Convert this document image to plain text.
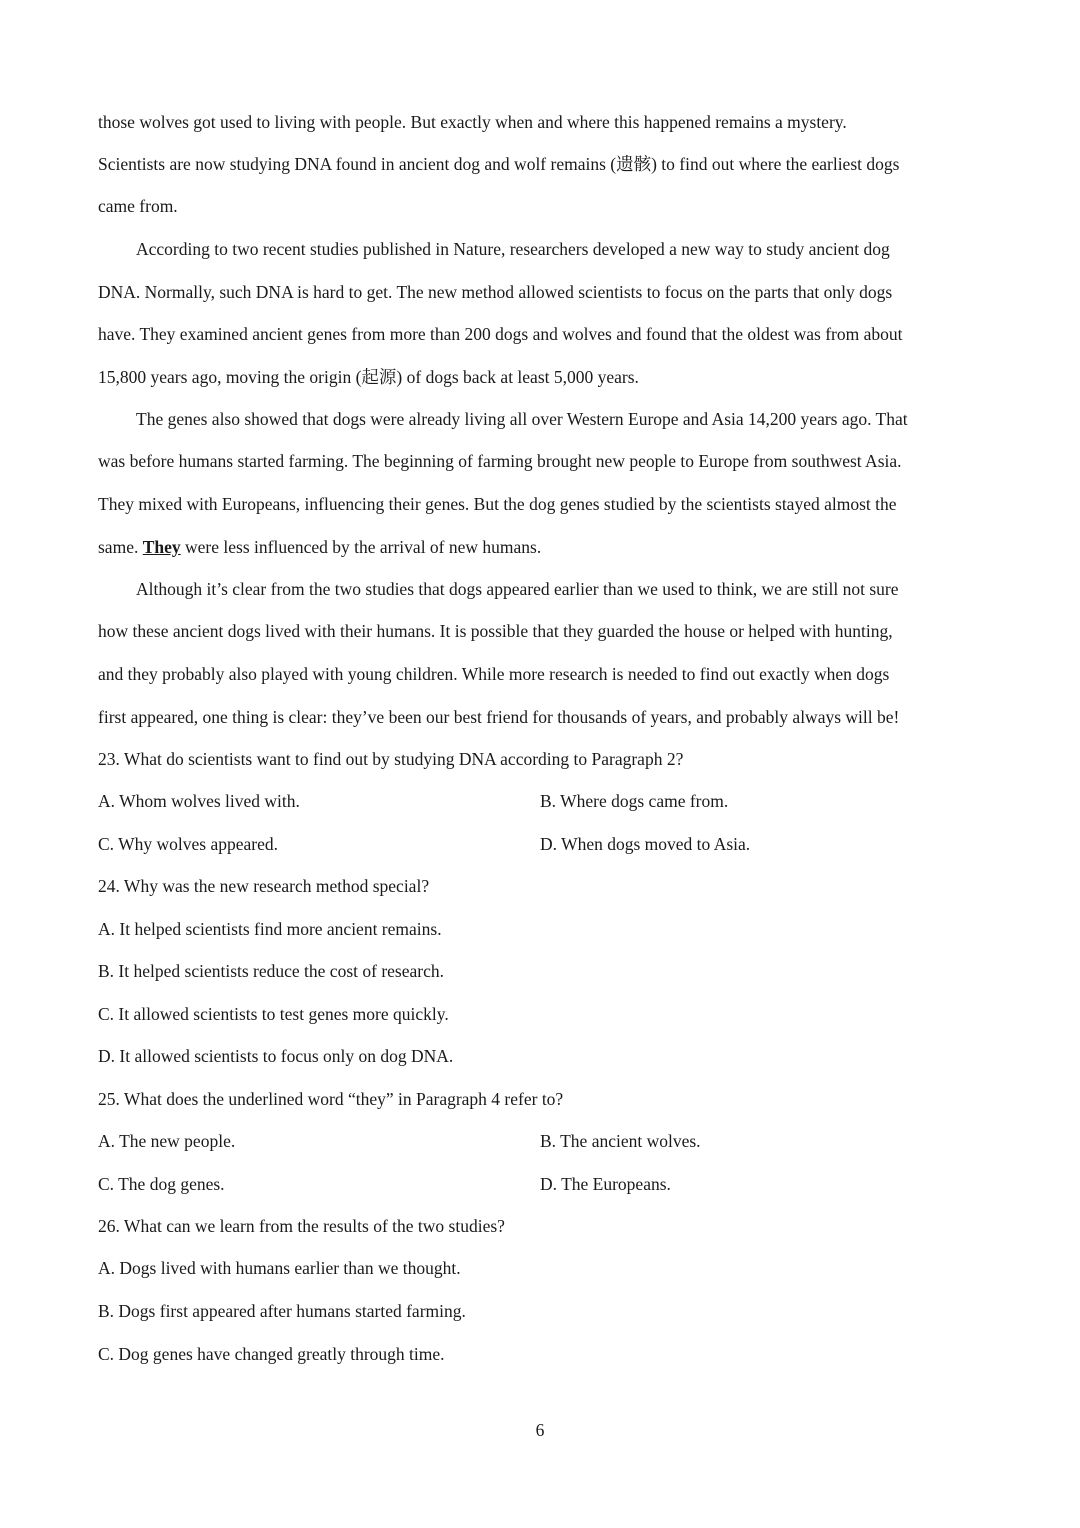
those wolves got used to living with people. But exactly when and where this happened remains a mystery.
Scientists are now studying DNA found in ancient dog and wolf remains (遗骸) to find out where the earliest dogs
came from.
According to two recent studies published in Nature, researchers developed a new way to study ancient dog
DNA. Normally, such DNA is hard to get. The new method allowed scientists to focus on the parts that only dogs
have. They examined ancient genes from more than 200 dogs and wolves and found that the oldest was from about
15,800 years ago, moving the origin (起源) of dogs back at least 5,000 years.
The genes also showed that dogs were already living all over Western Europe and Asia 14,200 years ago. That
was before humans started farming. The beginning of farming brought new people to Europe from southwest Asia.
They mixed with Europeans, influencing their genes. But the dog genes studied by the scientists stayed almost the
same. They were less influenced by the arrival of new humans.
Although it’s clear from the two studies that dogs appeared earlier than we used to think, we are still not sure
how these ancient dogs lived with their humans. It is possible that they guarded the house or helped with hunting,
and they probably also played with young children. While more research is needed to find out exactly when dogs
first appeared, one thing is clear: they’ve been our best friend for thousands of years, and probably always will be!
23. What do scientists want to find out by studying DNA according to Paragraph 2?
A. Whom wolves lived with.	B. Where dogs came from.
C. Why wolves appeared.	D. When dogs moved to Asia.
24. Why was the new research method special?
A. It helped scientists find more ancient remains.
B. It helped scientists reduce the cost of research.
C. It allowed scientists to test genes more quickly.
D. It allowed scientists to focus only on dog DNA.
25. What does the underlined word “they” in Paragraph 4 refer to?
A. The new people.	B. The ancient wolves.
C. The dog genes.	D. The Europeans.
26. What can we learn from the results of the two studies?
A. Dogs lived with humans earlier than we thought.
B. Dogs first appeared after humans started farming.
C. Dog genes have changed greatly through time.
6
